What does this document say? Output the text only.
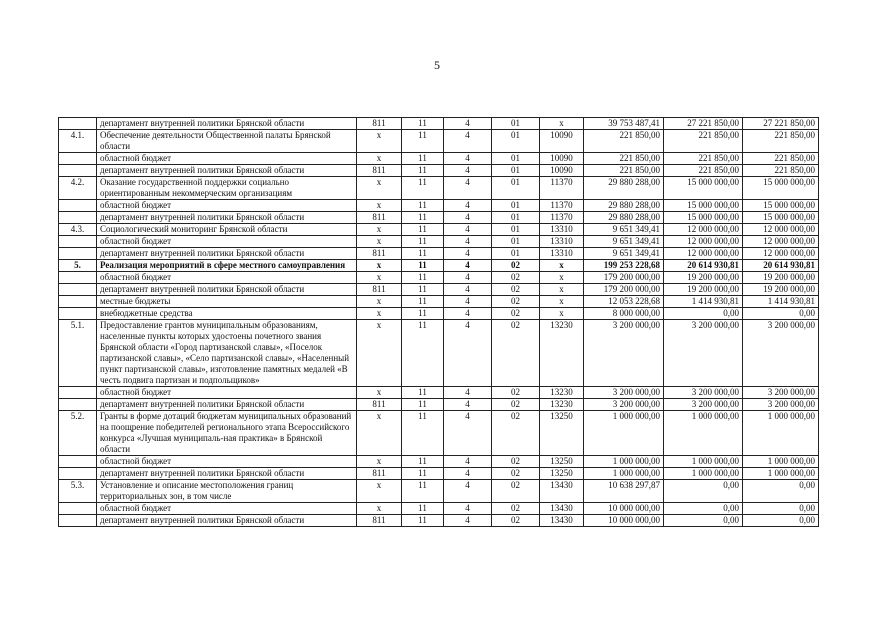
5
	департамент внутренней политики Брянской области	811	11	4	01	x	39 753 487,41	27 221 850,00	27 221 850,00
4.1.	Обеспечение деятельности Общественной палаты Брянской области	x	11	4	01	10090	221 850,00	221 850,00	221 850,00
	областной бюджет	x	11	4	01	10090	221 850,00	221 850,00	221 850,00
	департамент внутренней политики Брянской области	811	11	4	01	10090	221 850,00	221 850,00	221 850,00
4.2.	Оказание государственной поддержки социально ориентированным некоммерческим организациям	x	11	4	01	11370	29 880 288,00	15 000 000,00	15 000 000,00
	областной бюджет	x	11	4	01	11370	29 880 288,00	15 000 000,00	15 000 000,00
	департамент внутренней политики Брянской области	811	11	4	01	11370	29 880 288,00	15 000 000,00	15 000 000,00
4.3.	Социологический мониторинг Брянской области	x	11	4	01	13310	9 651 349,41	12 000 000,00	12 000 000,00
	областной бюджет	x	11	4	01	13310	9 651 349,41	12 000 000,00	12 000 000,00
	департамент внутренней политики Брянской области	811	11	4	01	13310	9 651 349,41	12 000 000,00	12 000 000,00
5.	Реализация мероприятий в сфере местного самоуправления	x	11	4	02	x	199 253 228,68	20 614 930,81	20 614 930,81
	областной бюджет	x	11	4	02	x	179 200 000,00	19 200 000,00	19 200 000,00
	департамент внутренней политики Брянской области	811	11	4	02	x	179 200 000,00	19 200 000,00	19 200 000,00
	местные бюджеты	x	11	4	02	x	12 053 228,68	1 414 930,81	1 414 930,81
	внебюджетные средства	x	11	4	02	x	8 000 000,00	0,00	0,00
5.1.	Предоставление грантов муниципальным образованиям, населенные пункты которых удостоены почетного звания Брянской области «Город партизанской славы», «Поселок партизанской славы», «Село партизанской славы», «Населенный пункт партизанской славы», изготовление памятных медалей «В честь подвига партизан и подпольщиков»	x	11	4	02	13230	3 200 000,00	3 200 000,00	3 200 000,00
	областной бюджет	x	11	4	02	13230	3 200 000,00	3 200 000,00	3 200 000,00
	департамент внутренней политики Брянской области	811	11	4	02	13230	3 200 000,00	3 200 000,00	3 200 000,00
5.2.	Гранты в форме дотаций бюджетам муниципальных образований на поощрение победителей регионального этапа Всероссийского конкурса «Лучшая муниципаль-ная практика» в Брянской области	x	11	4	02	13250	1 000 000,00	1 000 000,00	1 000 000,00
	областной бюджет	x	11	4	02	13250	1 000 000,00	1 000 000,00	1 000 000,00
	департамент внутренней политики Брянской области	811	11	4	02	13250	1 000 000,00	1 000 000,00	1 000 000,00
5.3.	Установление и описание местоположения границ территориальных зон, в том числе	x	11	4	02	13430	10 638 297,87	0,00	0,00
	областной бюджет	x	11	4	02	13430	10 000 000,00	0,00	0,00
	департамент внутренней политики Брянской области	811	11	4	02	13430	10 000 000,00	0,00	0,00
